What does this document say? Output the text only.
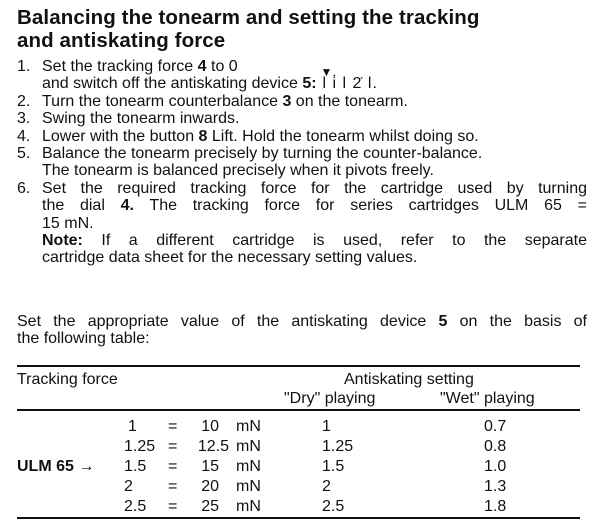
Balancing the tonearm and setting the tracking
and antiskating force
1. Set the tracking force 4 to 0
and switch off the antiskating device 5:
▼
l i̇ l 2̇ l.
2. Turn the tonearm counterbalance 3 on the tonearm.
3. Swing the tonearm inwards.
4. Lower with the button 8 Lift. Hold the tonearm whilst doing so.
5. Balance the tonearm precisely by turning the counter-balance.
The tonearm is balanced precisely when it pivots freely.
6. Set the required tracking force for the cartridge used by turning
the dial 4. The tracking force for series cartridges ULM 65 =
15 mN.
Note: If a different cartridge is used, refer to the separate
cartridge data sheet for the necessary setting values.
Set the appropriate value of the antiskating device 5 on the basis of
the following table:
Tracking force	Antiskating setting
"Dry" playing	"Wet" playing
ULM 65 →
1 =	10 mN	1	0.7
1.25 =	12.5 mN	1.25	0.8
1.5 =	15 mN	1.5	1.0
2 =	20 mN	2	1.3
2.5 =	25 mN	2.5	1.8
